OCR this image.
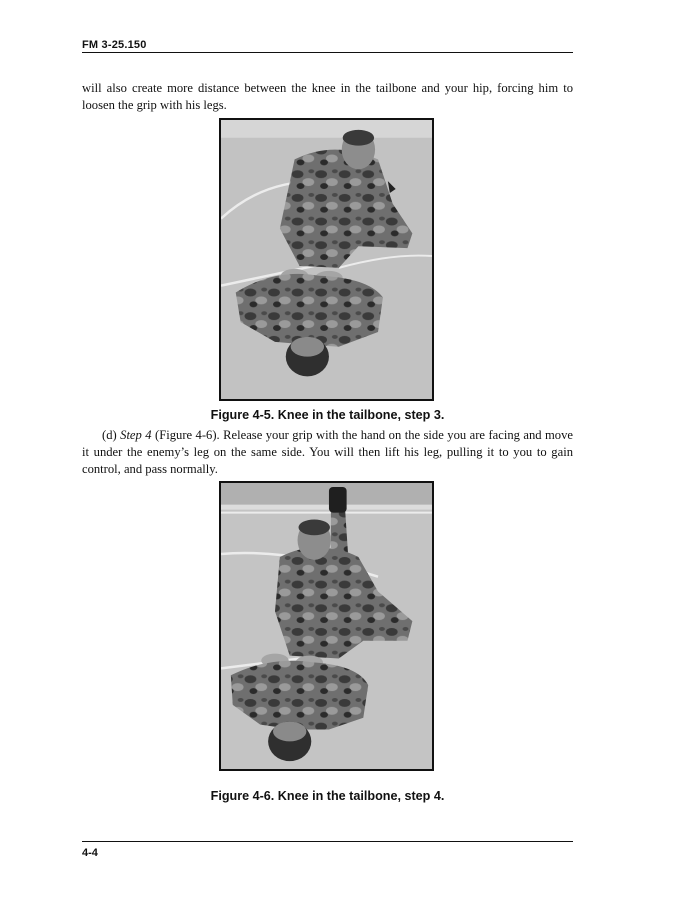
FM 3-25.150

will also create more distance between the knee in the tailbone and your hip, forcing him to loosen the grip with his legs.

Figure 4-5. Knee in the tailbone, step 3.

(d) Step 4 (Figure 4-6). Release your grip with the hand on the side you are facing and move it under the enemy’s leg on the same side. You will then lift his leg, pulling it to you to gain control, and pass normally.

Figure 4-6. Knee in the tailbone, step 4.
4-4
